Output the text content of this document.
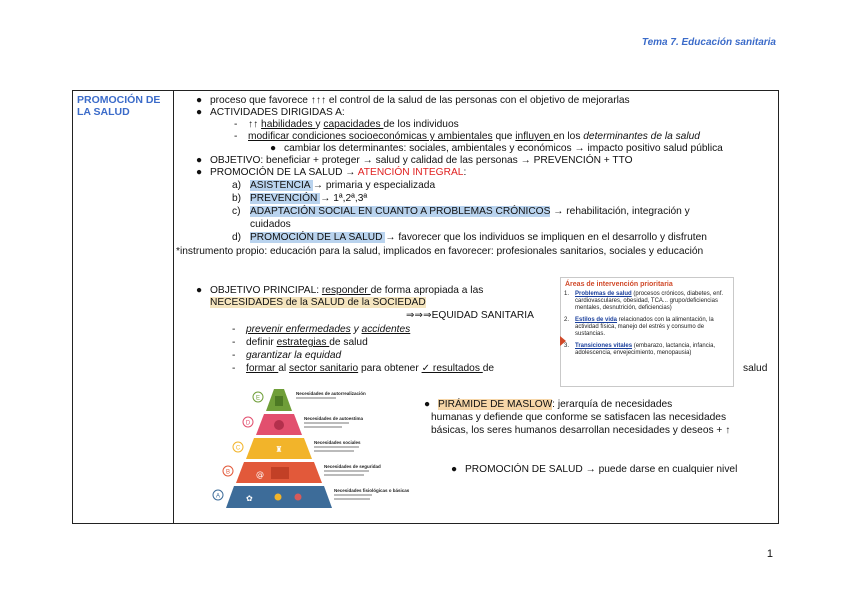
Tema 7. Educación sanitaria
PROMOCIÓN DE LA SALUD
● proceso que favorece ↑↑↑ el control de la salud de las personas con el objetivo de mejorarlas
● ACTIVIDADES DIRIGIDAS A:
- ↑↑ habilidades y capacidades de los individuos
- modificar condiciones socioeconómicas y ambientales que influyen en los determinantes de la salud
● cambiar los determinantes: sociales, ambientales y económicos → impacto positivo salud pública
● OBJETIVO: beneficiar + proteger → salud y calidad de las personas → PREVENCIÓN + TTO
● PROMOCIÓN DE LA SALUD → ATENCIÓN INTEGRAL:
a) ASISTENCIA → primaria y especializada
b) PREVENCIÓN → 1ª,2ª,3ª
c) ADAPTACIÓN SOCIAL EN CUANTO A PROBLEMAS CRÓNICOS → rehabilitación, integración y
cuidados
d) PROMOCIÓN DE LA SALUD → favorecer que los individuos se impliquen en el desarrollo y disfruten
*instrumento propio: educación para la salud, implicados en favorecer: profesionales sanitarios, sociales y educación
● OBJETIVO PRINCIPAL: responder de forma apropiada a las
NECESIDADES de la SALUD de la SOCIEDAD
⇒⇒⇒EQUIDAD SANITARIA
- prevenir enfermedades y accidentes
- definir estrategias de salud
- garantizar la equidad
- formar al sector sanitario para obtener ✓ resultados de	salud
Áreas de intervención prioritaria
1. Problemas de salud (procesos crónicos, diabetes, enf. cardiovasculares, obesidad, TCA... grupo/deficiencias mentales, desnutrición, deficiencias)
2. Estilos de vida relacionados con la alimentación, la actividad física, manejo del estrés y consumo de sustancias.
3. Transiciones vitales (embarazo, lactancia, infancia, adolescencia, envejecimiento, menopausia)
E
D
C
B
A
Necesidades de autorrealización
Necesidades de autoestima
Necesidades sociales
Necesidades de seguridad
Necesidades fisiológicas o básicas
♜
@
✿
● PIRÁMIDE DE MASLOW: jerarquía de necesidades
humanas y defiende que conforme se satisfacen las necesidades
básicas, los seres humanos desarrollan necesidades y deseos + ↑
● PROMOCIÓN DE SALUD → puede darse en cualquier nivel
1
